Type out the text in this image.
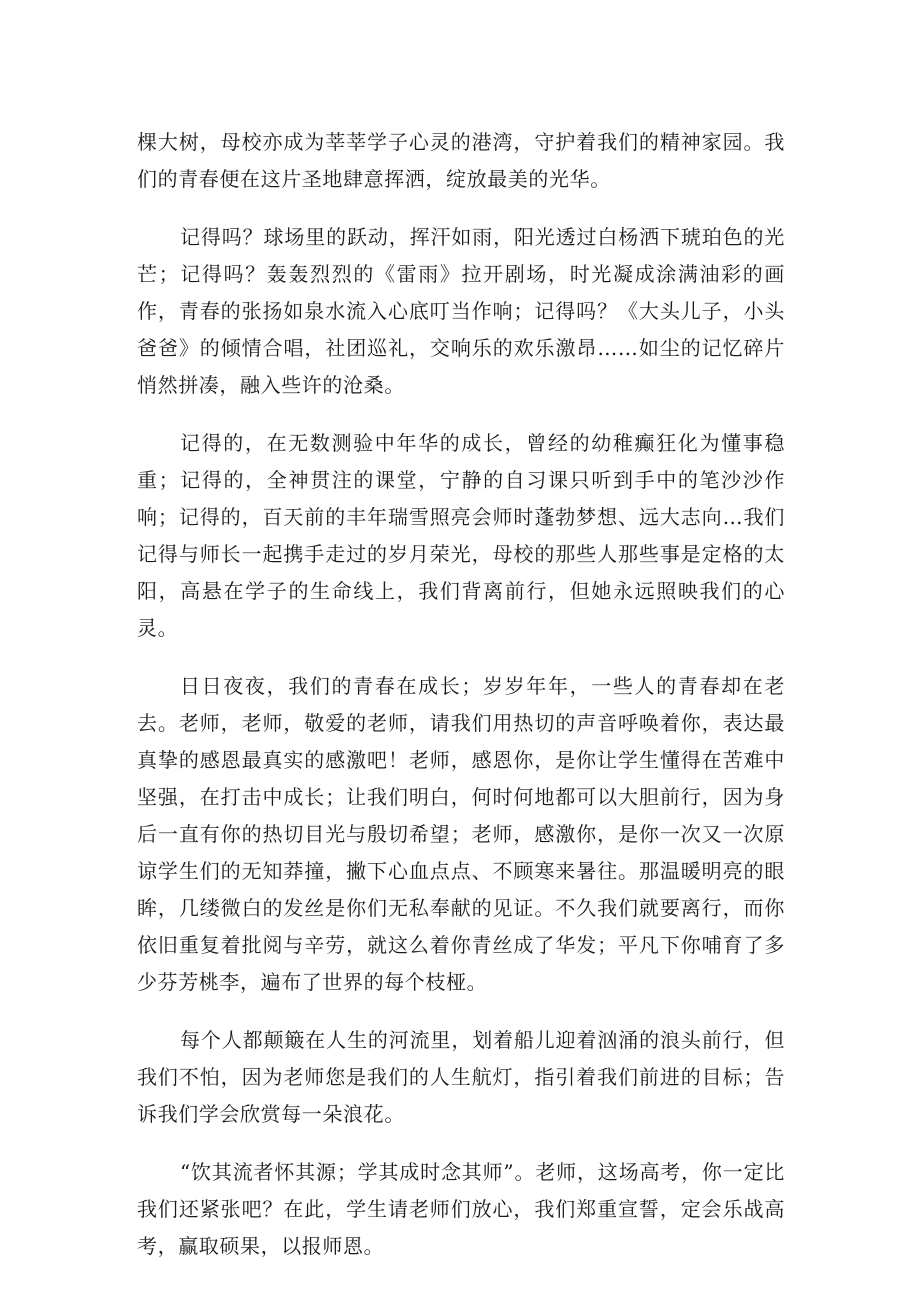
棵大树，母校亦成为莘莘学子心灵的港湾，守护着我们的精神家园。我们的青春便在这片圣地肆意挥洒，绽放最美的光华。

记得吗？球场里的跃动，挥汗如雨，阳光透过白杨洒下琥珀色的光芒；记得吗？轰轰烈烈的《雷雨》拉开剧场，时光凝成涂满油彩的画作，青春的张扬如泉水流入心底叮当作响；记得吗？《大头儿子，小头爸爸》的倾情合唱，社团巡礼，交响乐的欢乐激昂……如尘的记忆碎片悄然拼凑，融入些许的沧桑。

记得的，在无数测验中年华的成长，曾经的幼稚癫狂化为懂事稳重；记得的，全神贯注的课堂，宁静的自习课只听到手中的笔沙沙作响；记得的，百天前的丰年瑞雪照亮会师时蓬勃梦想、远大志向…我们记得与师长一起携手走过的岁月荣光，母校的那些人那些事是定格的太阳，高悬在学子的生命线上，我们背离前行，但她永远照映我们的心灵。

日日夜夜，我们的青春在成长；岁岁年年，一些人的青春却在老去。老师，老师，敬爱的老师，请我们用热切的声音呼唤着你，表达最真挚的感恩最真实的感激吧！老师，感恩你，是你让学生懂得在苦难中坚强，在打击中成长；让我们明白，何时何地都可以大胆前行，因为身后一直有你的热切目光与殷切希望；老师，感激你，是你一次又一次原谅学生们的无知莽撞，撇下心血点点、不顾寒来暑往。那温暖明亮的眼眸，几缕微白的发丝是你们无私奉献的见证。不久我们就要离行，而你依旧重复着批阅与辛劳，就这么着你青丝成了华发；平凡下你哺育了多少芬芳桃李，遍布了世界的每个枝桠。

每个人都颠簸在人生的河流里，划着船儿迎着汹涌的浪头前行，但我们不怕，因为老师您是我们的人生航灯，指引着我们前进的目标；告诉我们学会欣赏每一朵浪花。

“饮其流者怀其源；学其成时念其师”。老师，这场高考，你一定比我们还紧张吧？在此，学生请老师们放心，我们郑重宣誓，定会乐战高考，赢取硕果，以报师恩。
